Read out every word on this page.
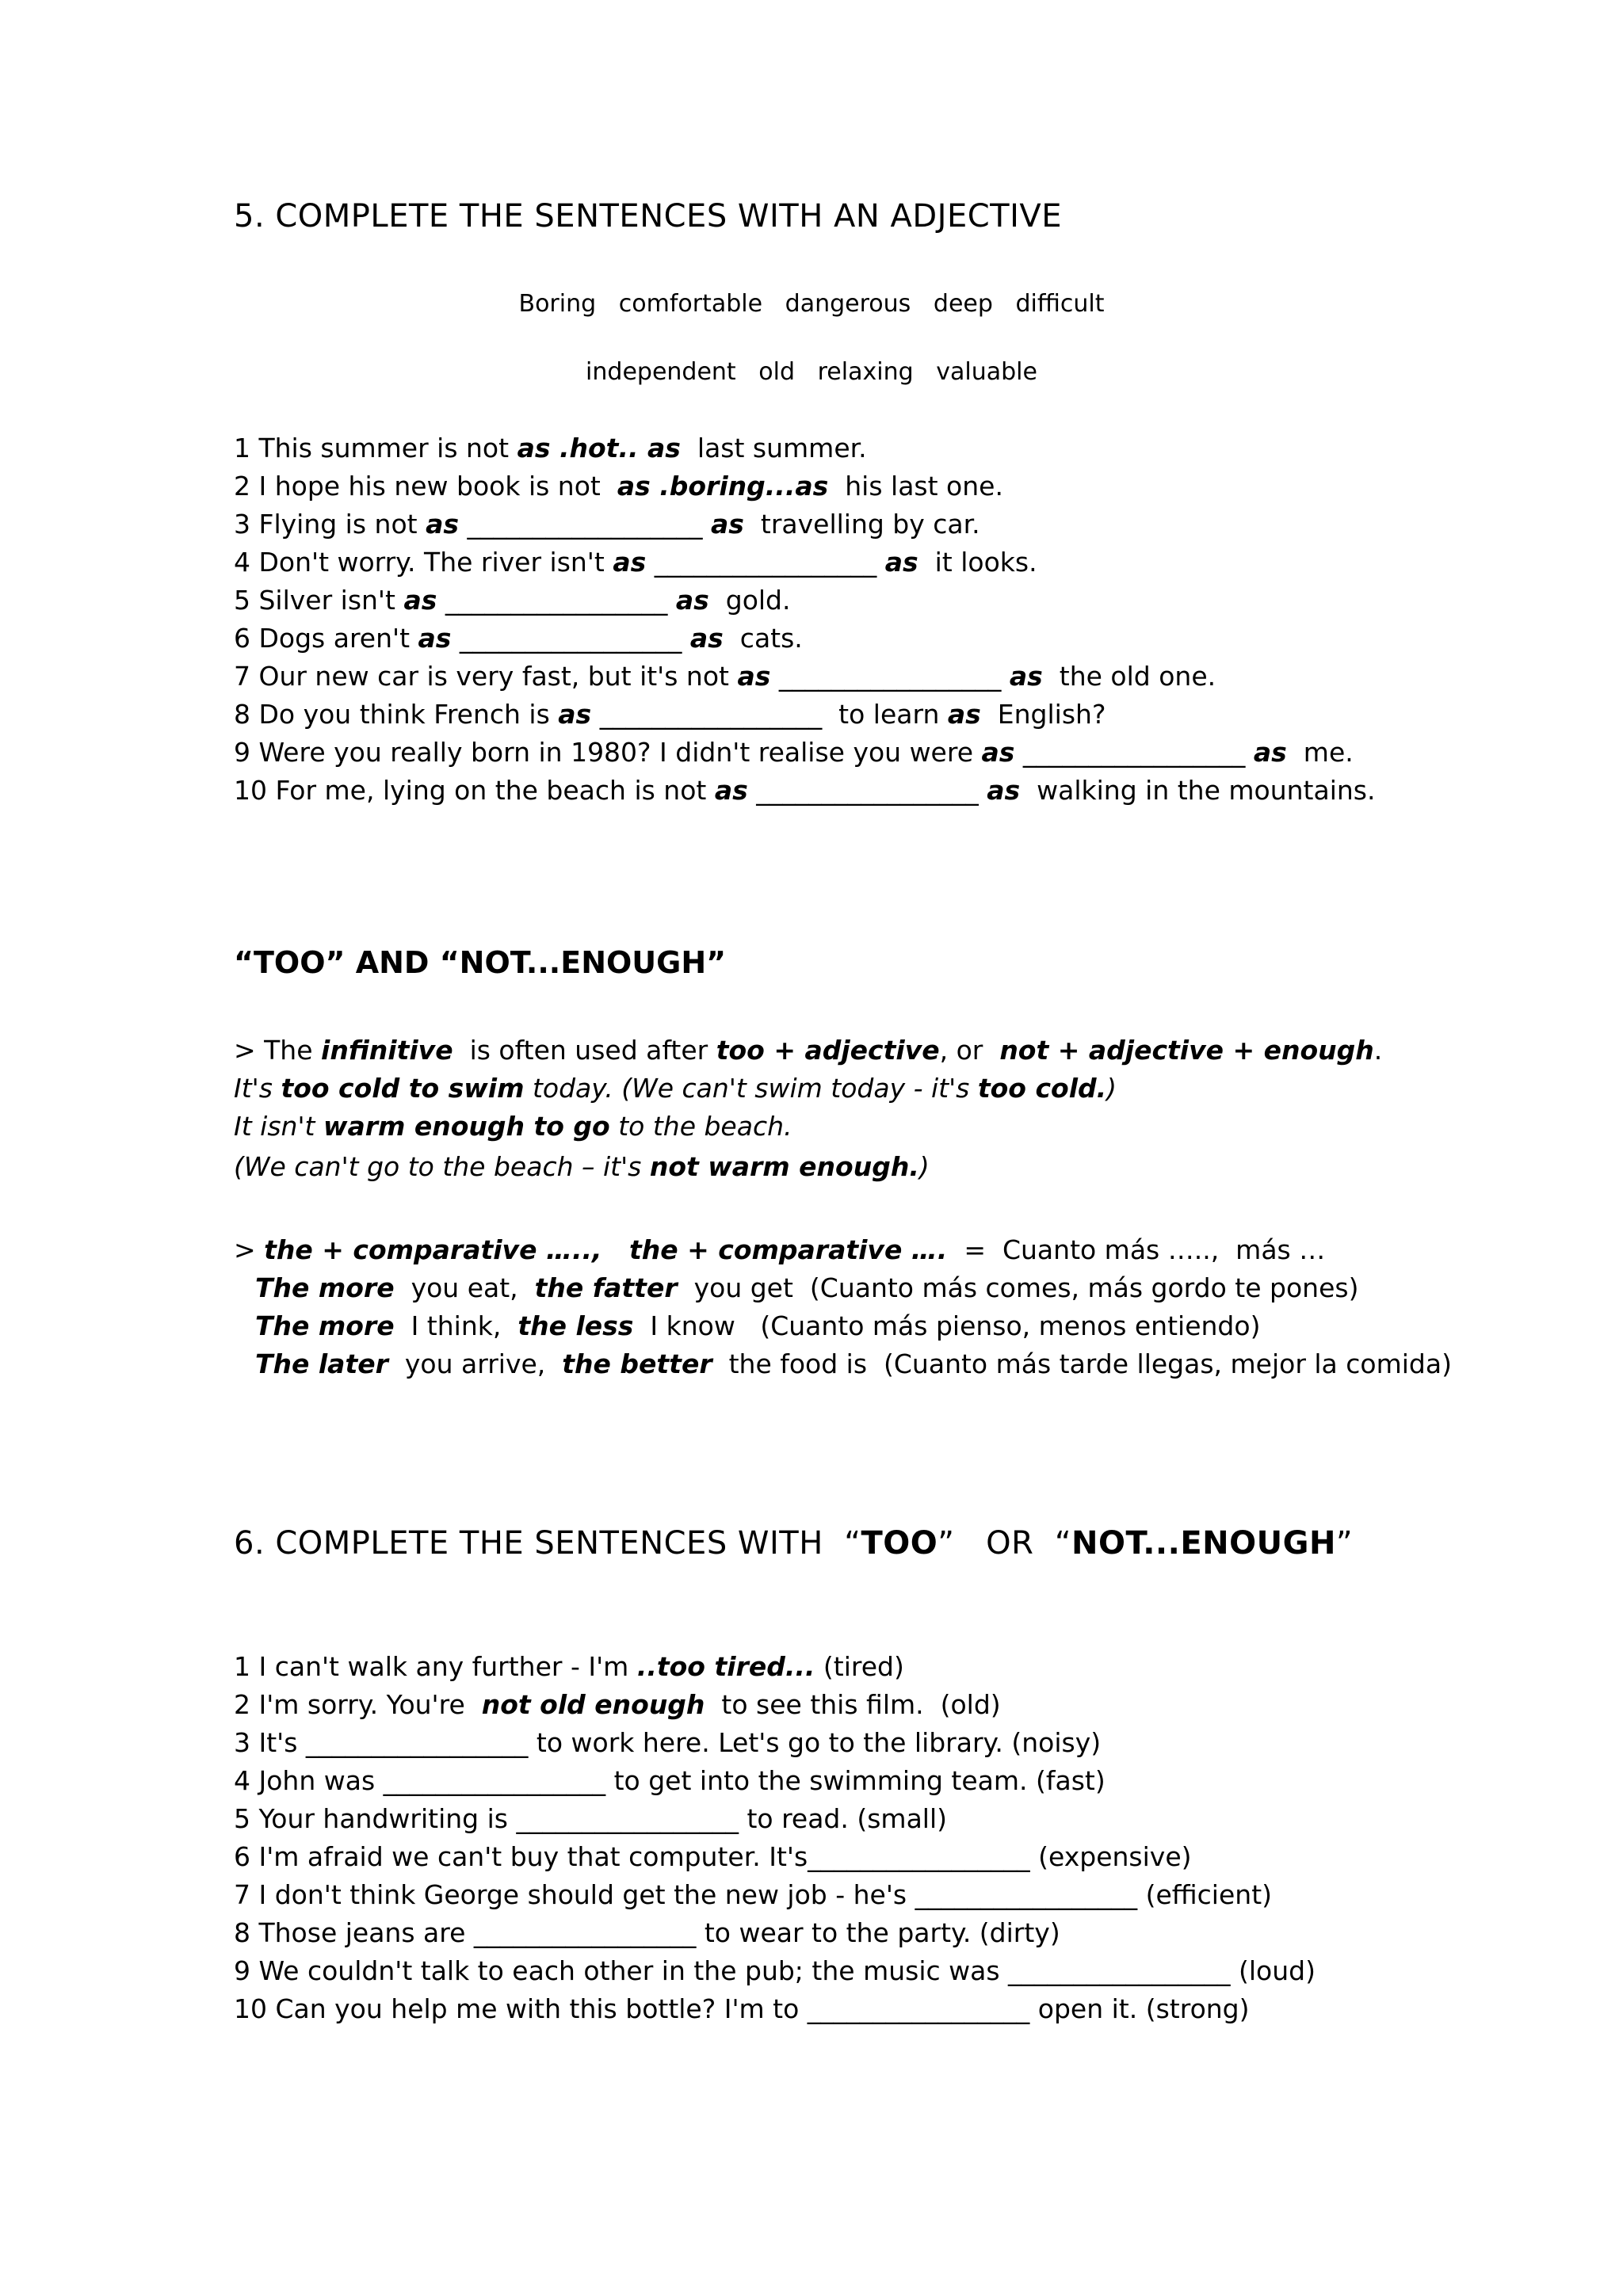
5. COMPLETE THE SENTENCES WITH AN ADJECTIVE
Boring   comfortable   dangerous   deep   difficult
independent   old   relaxing   valuable
1 This summer is not as .hot.. as  last summer.
2 I hope his new book is not  as .boring...as  his last one.
3 Flying is not as __________________ as  travelling by car.
4 Don't worry. The river isn't as _________________ as  it looks.
5 Silver isn't as _________________ as  gold.
6 Dogs aren't as _________________ as  cats.
7 Our new car is very fast, but it's not as _________________ as  the old one.
8 Do you think French is as _________________  to learn as  English?
9 Were you really born in 1980? I didn't realise you were as _________________ as  me.
10 For me, lying on the beach is not as _________________ as  walking in the mountains.
“TOO” AND “NOT...ENOUGH”
> The infinitive  is often used after too + adjective, or  not + adjective + enough.
It's too cold to swim today. (We can't swim today - it's too cold.)
It isn't warm enough to go to the beach.
(We can't go to the beach – it's not warm enough.)
> the + comparative …..,   the + comparative ….  =  Cuanto más …..,  más …
The more  you eat,  the fatter  you get  (Cuanto más comes, más gordo te pones)
The more  I think,  the less  I know   (Cuanto más pienso, menos entiendo)
The later  you arrive,  the better  the food is  (Cuanto más tarde llegas, mejor la comida)
6. COMPLETE THE SENTENCES WITH  “TOO”   OR  “NOT...ENOUGH”
1 I can't walk any further - I'm ..too tired... (tired)
2 I'm sorry. You're  not old enough  to see this film.  (old)
3 It's _________________ to work here. Let's go to the library. (noisy)
4 John was _________________ to get into the swimming team. (fast)
5 Your handwriting is _________________ to read. (small)
6 I'm afraid we can't buy that computer. It's_________________ (expensive)
7 I don't think George should get the new job - he's _________________ (efficient)
8 Those jeans are _________________ to wear to the party. (dirty)
9 We couldn't talk to each other in the pub; the music was _________________ (loud)
10 Can you help me with this bottle? I'm to _________________ open it. (strong)
